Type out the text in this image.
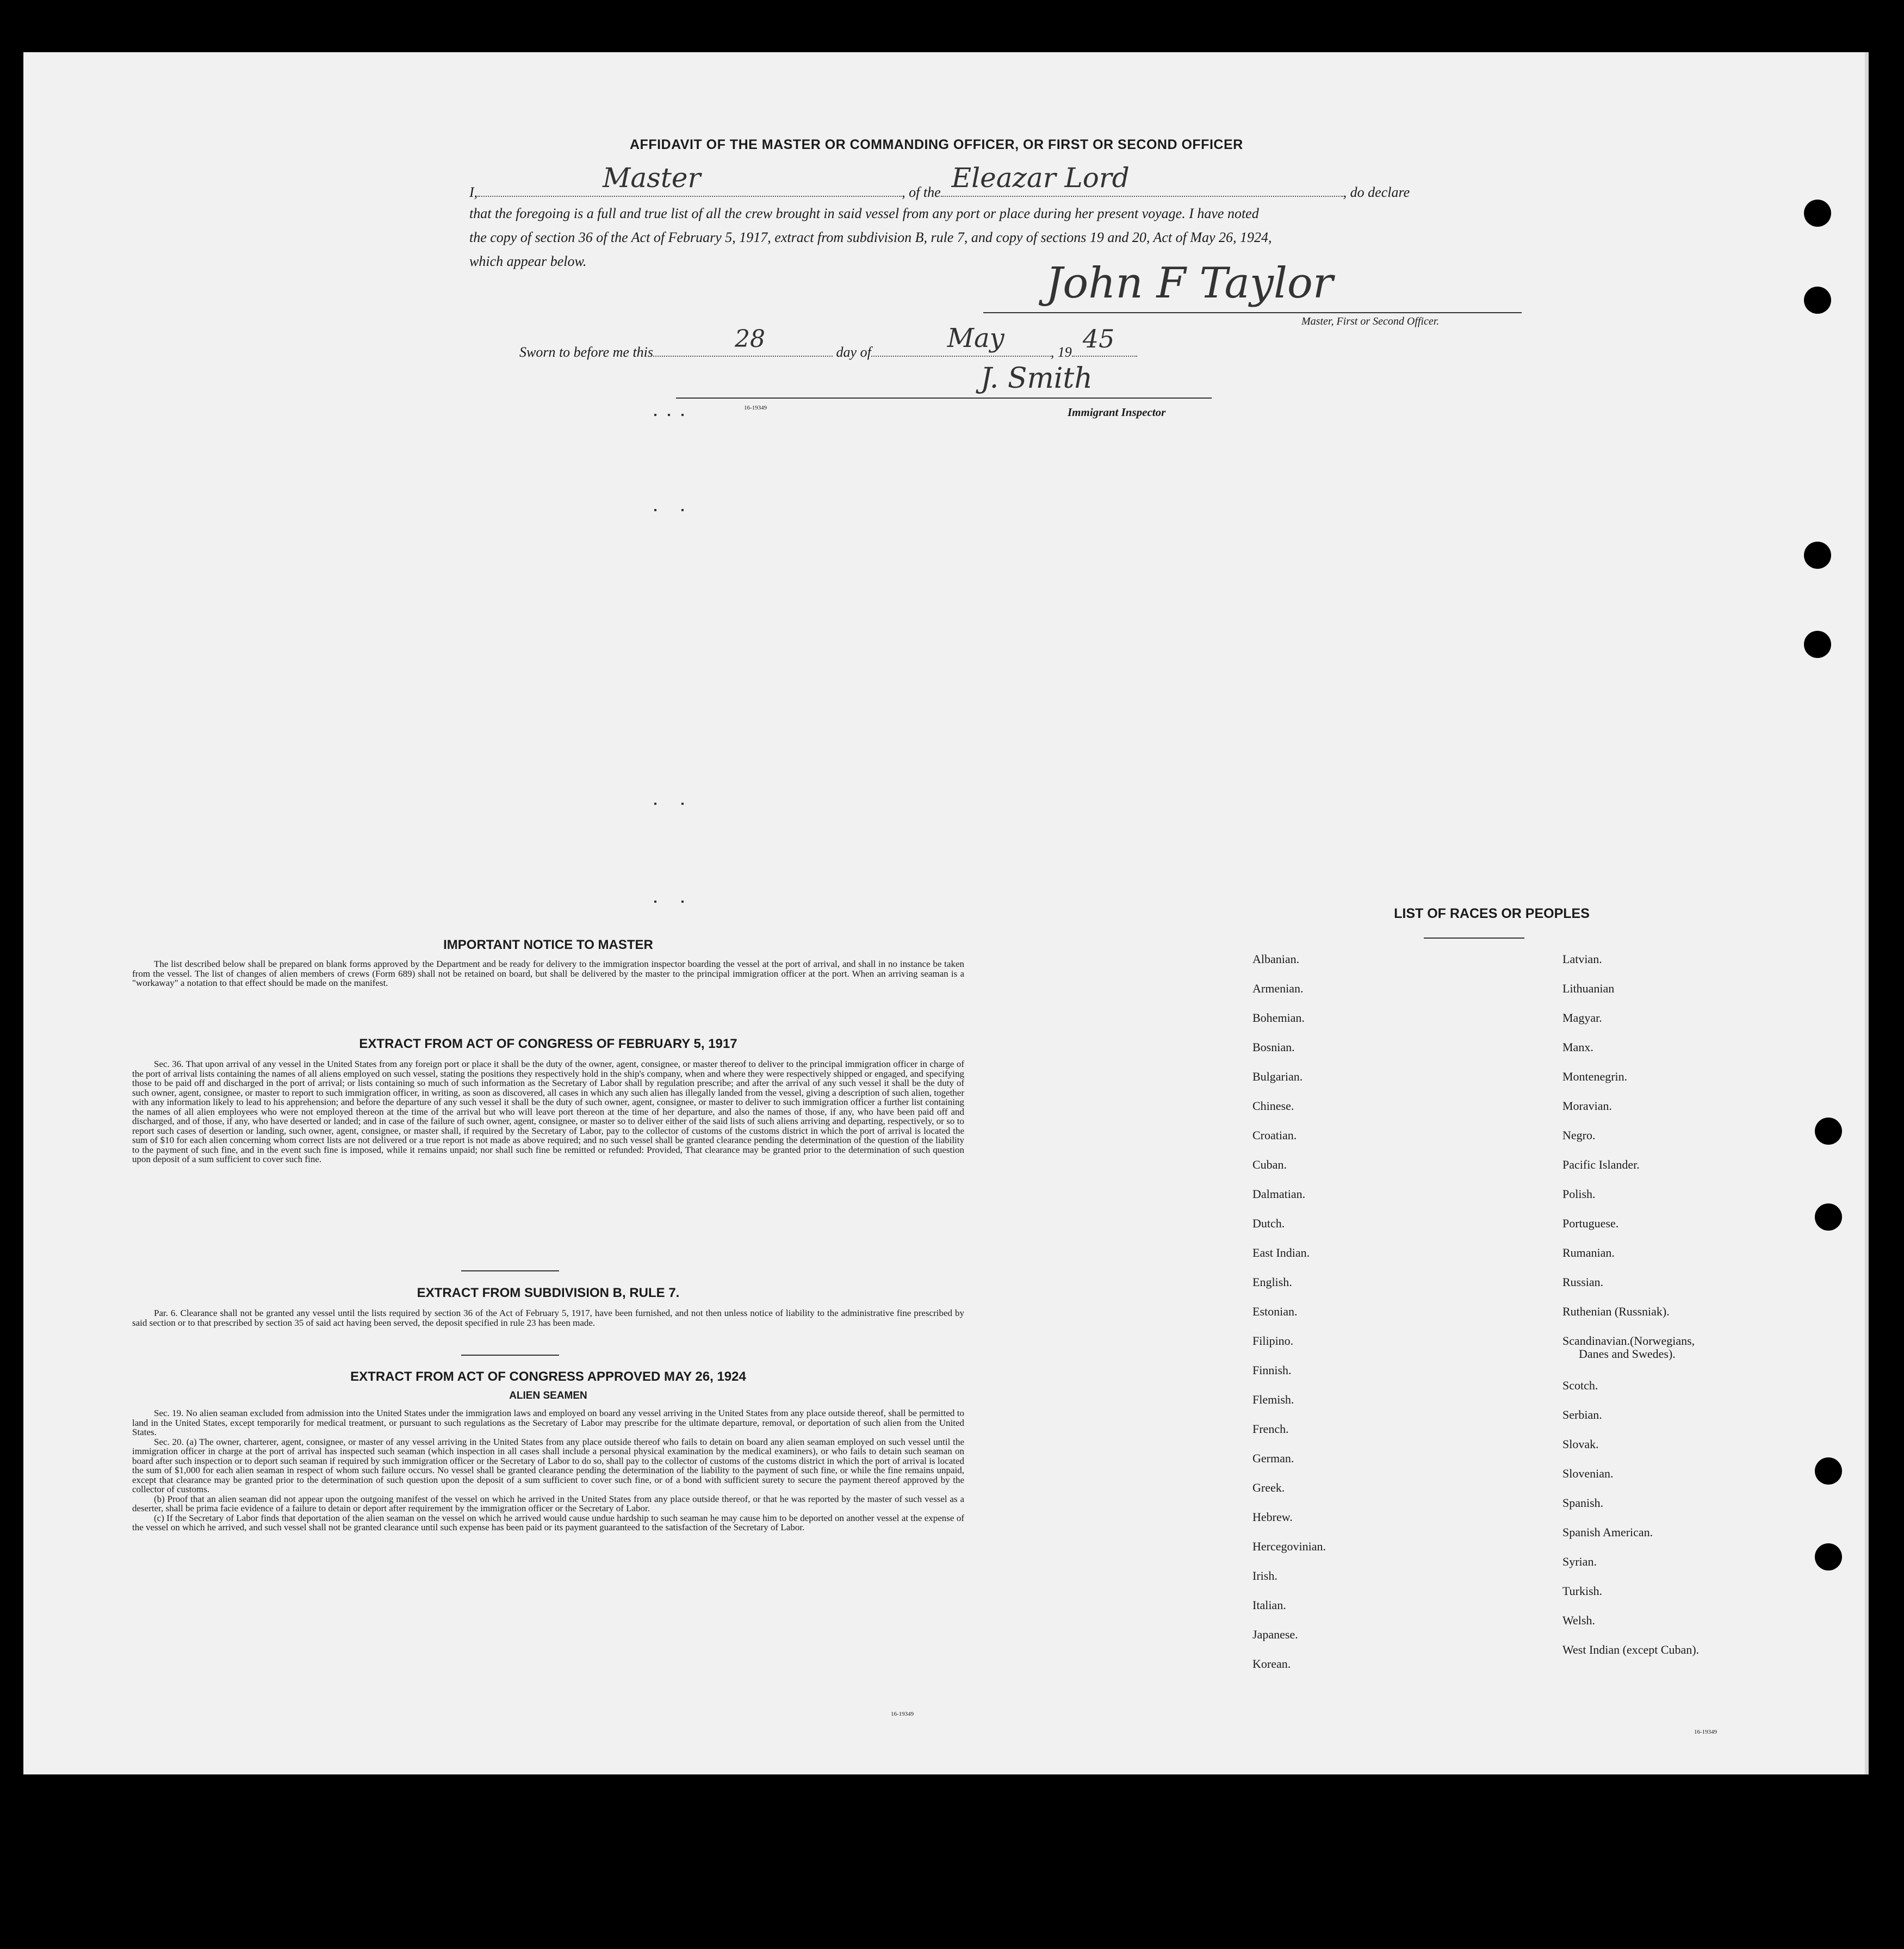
AFFIDAVIT OF THE MASTER OR COMMANDING OFFICER, OR FIRST OR SECOND OFFICER
I,	Master	, of the Eleazar Lord	, do declare
that the foregoing is a full and true list of all the crew brought in said vessel from any port or place during her present voyage. I have noted
the copy of section 36 of the Act of February 5, 1917, extract from subdivision B, rule 7, and copy of sections 19 and 20, Act of May 26, 1924,
which appear below.	John F Taylor
Master, First or Second Officer.
Sworn to before me this	28	day of	May	, 19 45
J. Smith
16-19349	Immigrant Inspector
IMPORTANT NOTICE TO MASTER

The list described below shall be prepared on blank forms approved by the Department and be ready for delivery to the immigration inspector boarding the vessel at the port of arrival, and shall in no instance be taken from the vessel. The list of changes of alien members of crews (Form 689) shall not be retained on board, but shall be delivered by the master to the principal immigration officer at the port. When an arriving seaman is a "workaway" a notation to that effect should be made on the manifest.

EXTRACT FROM ACT OF CONGRESS OF FEBRUARY 5, 1917

Sec. 36. That upon arrival of any vessel in the United States from any foreign port or place it shall be the duty of the owner, agent, consignee, or master thereof to deliver to the principal immigration officer in charge of the port of arrival lists containing the names of all aliens employed on such vessel, stating the positions they respectively hold in the ship's company, when and where they were respectively shipped or engaged, and specifying those to be paid off and discharged in the port of arrival; or lists containing so much of such information as the Secretary of Labor shall by regulation prescribe; and after the arrival of any such vessel it shall be the duty of such owner, agent, consignee, or master to report to such immigration officer, in writing, as soon as discovered, all cases in which any such alien has illegally landed from the vessel, giving a description of such alien, together with any information likely to lead to his apprehension; and before the departure of any such vessel it shall be the duty of such owner, agent, consignee, or master to deliver to such immigration officer a further list containing the names of all alien employees who were not employed thereon at the time of the arrival but who will leave port thereon at the time of her departure, and also the names of those, if any, who have been paid off and discharged, and of those, if any, who have deserted or landed; and in case of the failure of such owner, agent, consignee, or master so to deliver either of the said lists of such aliens arriving and departing, respectively, or so to report such cases of desertion or landing, such owner, agent, consignee, or master shall, if required by the Secretary of Labor, pay to the collector of customs of the customs district in which the port of arrival is located the sum of $10 for each alien concerning whom correct lists are not delivered or a true report is not made as above required; and no such vessel shall be granted clearance pending the determination of the question of the liability to the payment of such fine, and in the event such fine is imposed, while it remains unpaid; nor shall such fine be remitted or refunded: Provided, That clearance may be granted prior to the determination of such question upon deposit of a sum sufficient to cover such fine.

EXTRACT FROM SUBDIVISION B, RULE 7.

Par. 6. Clearance shall not be granted any vessel until the lists required by section 36 of the Act of February 5, 1917, have been furnished, and not then unless notice of liability to the administrative fine prescribed by said section or to that prescribed by section 35 of said act having been served, the deposit specified in rule 23 has been made.

EXTRACT FROM ACT OF CONGRESS APPROVED MAY 26, 1924
ALIEN SEAMEN

Sec. 19. No alien seaman excluded from admission into the United States under the immigration laws and employed on board any vessel arriving in the United States from any place outside thereof, shall be permitted to land in the United States, except temporarily for medical treatment, or pursuant to such regulations as the Secretary of Labor may prescribe for the ultimate departure, removal, or deportation of such alien from the United States.

Sec. 20. (a) The owner, charterer, agent, consignee, or master of any vessel arriving in the United States from any place outside thereof who fails to detain on board any alien seaman employed on such vessel until the immigration officer in charge at the port of arrival has inspected such seaman (which inspection in all cases shall include a personal physical examination by the medical examiners), or who fails to detain such seaman on board after such inspection or to deport such seaman if required by such immigration officer or the Secretary of Labor to do so, shall pay to the collector of customs of the customs district in which the port of arrival is located the sum of $1,000 for each alien seaman in respect of whom such failure occurs. No vessel shall be granted clearance pending the determination of the liability to the payment of such fine, or while the fine remains unpaid, except that clearance may be granted prior to the determination of such question upon the deposit of a sum sufficient to cover such fine, or of a bond with sufficient surety to secure the payment thereof approved by the collector of customs.

(b) Proof that an alien seaman did not appear upon the outgoing manifest of the vessel on which he arrived in the United States from any place outside thereof, or that he was reported by the master of such vessel as a deserter, shall be prima facie evidence of a failure to detain or deport after requirement by the immigration officer or the Secretary of Labor.

(c) If the Secretary of Labor finds that deportation of the alien seaman on the vessel on which he arrived would cause undue hardship to such seaman he may cause him to be deported on another vessel at the expense of the vessel on which he arrived, and such vessel shall not be granted clearance until such expense has been paid or its payment guaranteed to the satisfaction of the Secretary of Labor.

16-19349
LIST OF RACES OR PEOPLES
Albanian.
Armenian.
Bohemian.
Bosnian.
Bulgarian.
Chinese.
Croatian.
Cuban.
Dalmatian.
Dutch.
East Indian.
English.
Estonian.
Filipino.
Finnish.
Flemish.
French.
German.
Greek.
Hebrew.
Hercegovinian.
Irish.
Italian.
Japanese.
Korean.
Latvian.
Lithuanian
Magyar.
Manx.
Montenegrin.
Moravian.
Negro.
Pacific Islander.
Polish.
Portuguese.
Rumanian.
Russian.
Ruthenian (Russniak).
Scandinavian.(Norwegians,
Danes and Swedes).
Scotch.
Serbian.
Slovak.
Slovenian.
Spanish.
Spanish American.
Syrian.
Turkish.
Welsh.
West Indian (except Cuban).
16-19349
